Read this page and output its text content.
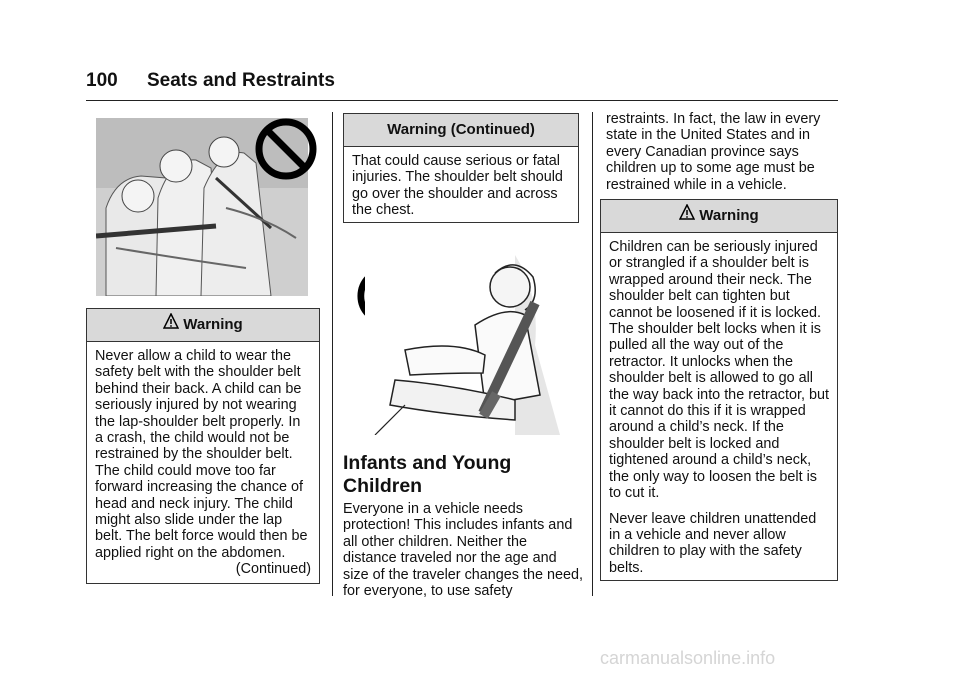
100 Seats and Restraints
Warning

Never allow a child to wear the safety belt with the shoulder belt behind their back. A child can be seriously injured by not wearing the lap-shoulder belt properly. In a crash, the child would not be restrained by the shoulder belt. The child could move too far forward increasing the chance of head and neck injury. The child might also slide under the lap belt. The belt force would then be applied right on the abdomen.

(Continued)
Warning (Continued)

That could cause serious or fatal injuries. The shoulder belt should go over the shoulder and across the chest.

Infants and Young Children

Everyone in a vehicle needs protection! This includes infants and all other children. Neither the distance traveled nor the age and size of the traveler changes the need, for everyone, to use safety

restraints. In fact, the law in every state in the United States and in every Canadian province says children up to some age must be restrained while in a vehicle.

Warning

Children can be seriously injured or strangled if a shoulder belt is wrapped around their neck. The shoulder belt can tighten but cannot be loosened if it is locked. The shoulder belt locks when it is pulled all the way out of the retractor. It unlocks when the shoulder belt is allowed to go all the way back into the retractor, but it cannot do this if it is wrapped around a child’s neck. If the shoulder belt is locked and tightened around a child’s neck, the only way to loosen the belt is to cut it.

Never leave children unattended in a vehicle and never allow children to play with the safety belts.

carmanualsonline.info
